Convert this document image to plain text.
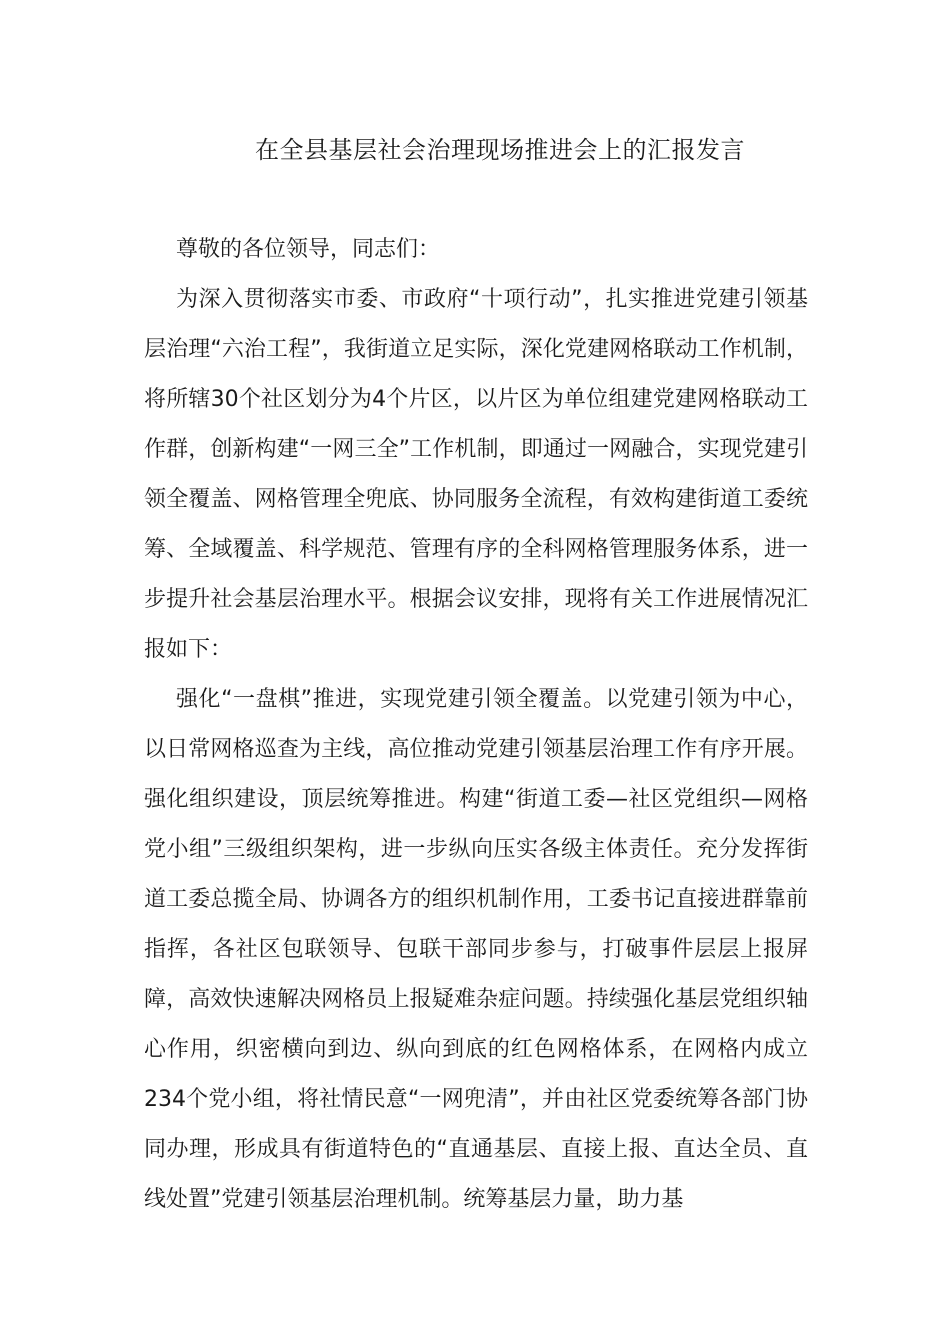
在全县基层社会治理现场推进会上的汇报发言

尊敬的各位领导，同志们：

为深入贯彻落实市委、市政府“十项行动”，扎实推进党建引领基层治理“六治工程”，我街道立足实际，深化党建网格联动工作机制，将所辖30个社区划分为4个片区，以片区为单位组建党建网格联动工作群，创新构建“一网三全”工作机制，即通过一网融合，实现党建引领全覆盖、网格管理全兜底、协同服务全流程，有效构建街道工委统筹、全域覆盖、科学规范、管理有序的全科网格管理服务体系，进一步提升社会基层治理水平。根据会议安排，现将有关工作进展情况汇报如下：

强化“一盘棋”推进，实现党建引领全覆盖。以党建引领为中心，以日常网格巡查为主线，高位推动党建引领基层治理工作有序开展。强化组织建设，顶层统筹推进。构建“街道工委—社区党组织—网格党小组”三级组织架构，进一步纵向压实各级主体责任。充分发挥街道工委总揽全局、协调各方的组织机制作用，工委书记直接进群靠前指挥，各社区包联领导、包联干部同步参与，打破事件层层上报屏障，高效快速解决网格员上报疑难杂症问题。持续强化基层党组织轴心作用，织密横向到边、纵向到底的红色网格体系，在网格内成立234个党小组，将社情民意“一网兜清”，并由社区党委统筹各部门协同办理，形成具有街道特色的“直通基层、直接上报、直达全员、直线处置”党建引领基层治理机制。统筹基层力量，助力基
